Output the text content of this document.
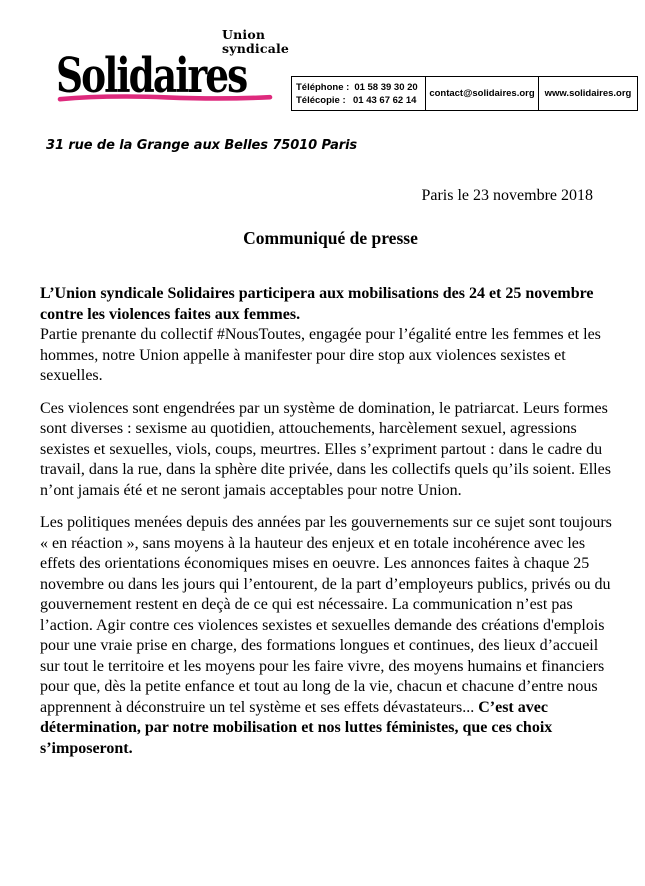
Union
syndicale
Solidaires	Téléphone : 01 58 39 30 20
Télécopie : 01 43 67 62 14
contact@solidaires.org www.solidaires.org
31 rue de la Grange aux Belles 75010 Paris
Paris le 23 novembre 2018
Communiqué de presse

L’Union syndicale Solidaires participera aux mobilisations des 24 et 25 novembre contre les violences faites aux femmes.
Partie prenante du collectif #NousToutes, engagée pour l’égalité entre les femmes et les hommes, notre Union appelle à manifester pour dire stop aux violences sexistes et sexuelles.

Ces violences sont engendrées par un système de domination, le patriarcat. Leurs formes sont diverses : sexisme au quotidien, attouchements, harcèlement sexuel, agressions sexistes et sexuelles, viols, coups, meurtres. Elles s’expriment partout : dans le cadre du travail, dans la rue, dans la sphère dite privée, dans les collectifs quels qu’ils soient. Elles n’ont jamais été et ne seront jamais acceptables pour notre Union.

Les politiques menées depuis des années par les gouvernements sur ce sujet sont toujours « en réaction », sans moyens à la hauteur des enjeux et en totale incohérence avec les effets des orientations économiques mises en oeuvre. Les annonces faites à chaque 25 novembre ou dans les jours qui l’entourent, de la part d’employeurs publics, privés ou du gouvernement restent en deçà de ce qui est nécessaire. La communication n’est pas l’action. Agir contre ces violences sexistes et sexuelles demande des créations d'emplois pour une vraie prise en charge, des formations longues et continues, des lieux d’accueil sur tout le territoire et les moyens pour les faire vivre, des moyens humains et financiers pour que, dès la petite enfance et tout au long de la vie, chacun et chacune d’entre nous apprennent à déconstruire un tel système et ses effets dévastateurs... C’est avec détermination, par notre mobilisation et nos luttes féministes, que ces choix s’imposeront.
